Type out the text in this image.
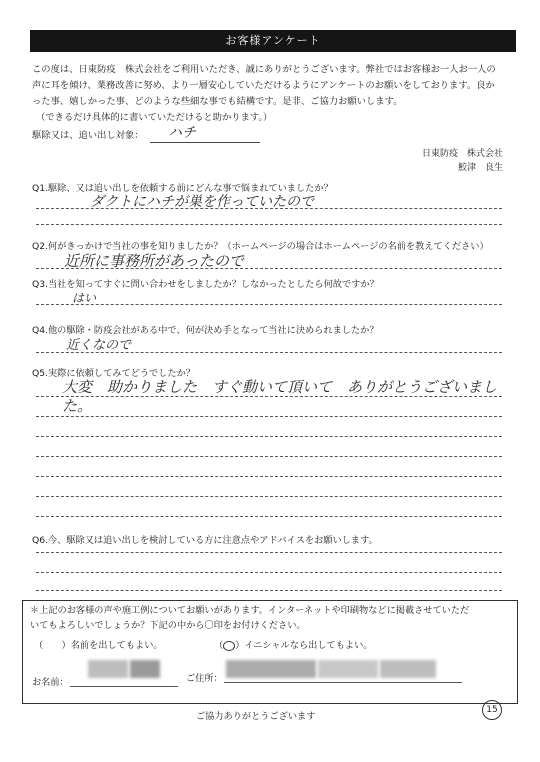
お客様アンケート
この度は、日東防疫　株式会社をご利用いただき、誠にありがとうございます。弊社ではお客様お一人お一人の
声に耳を傾け、業務改善に努め、より一層安心していただけるようにアンケートのお願いをしております。良か
った事、嬉しかった事、どのような些細な事でも結構です。是非、ご協力お願いします。
（できるだけ具体的に書いていただけると助かります。）
駆除又は、追い出し対象： ハチ
日東防疫　株式会社
鮫津　良生
Q1.駆除、又は追い出しを依頼する前にどんな事で悩まれていましたか？
ダクトにハチが巣を作っていたので
Q2.何がきっかけで当社の事を知りましたか？（ホームページの場合はホームページの名前を教えてください）
近所に事務所があったので
Q3.当社を知ってすぐに問い合わせをしましたか？しなかったとしたら何故ですか？
はい
Q4.他の駆除・防疫会社がある中で、何が決め手となって当社に決められましたか？
近くなので
Q5.実際に依頼してみてどうでしたか？
大変　助かりました　すぐ動いて頂いて　ありがとうございました。
Q6.今、駆除又は追い出しを検討している方に注意点やアドバイスをお願いします。
＊上記のお客様の声や施工例についてお願いがあります。インターネットや印刷物などに掲載させていただ
いてもよろしいでしょうか？下記の中から〇印をお付けください。
（　　）名前を出してもよい。	（○）イニシャルなら出してもよい。
お名前：	ご住所：
ご協力ありがとうございます
15
